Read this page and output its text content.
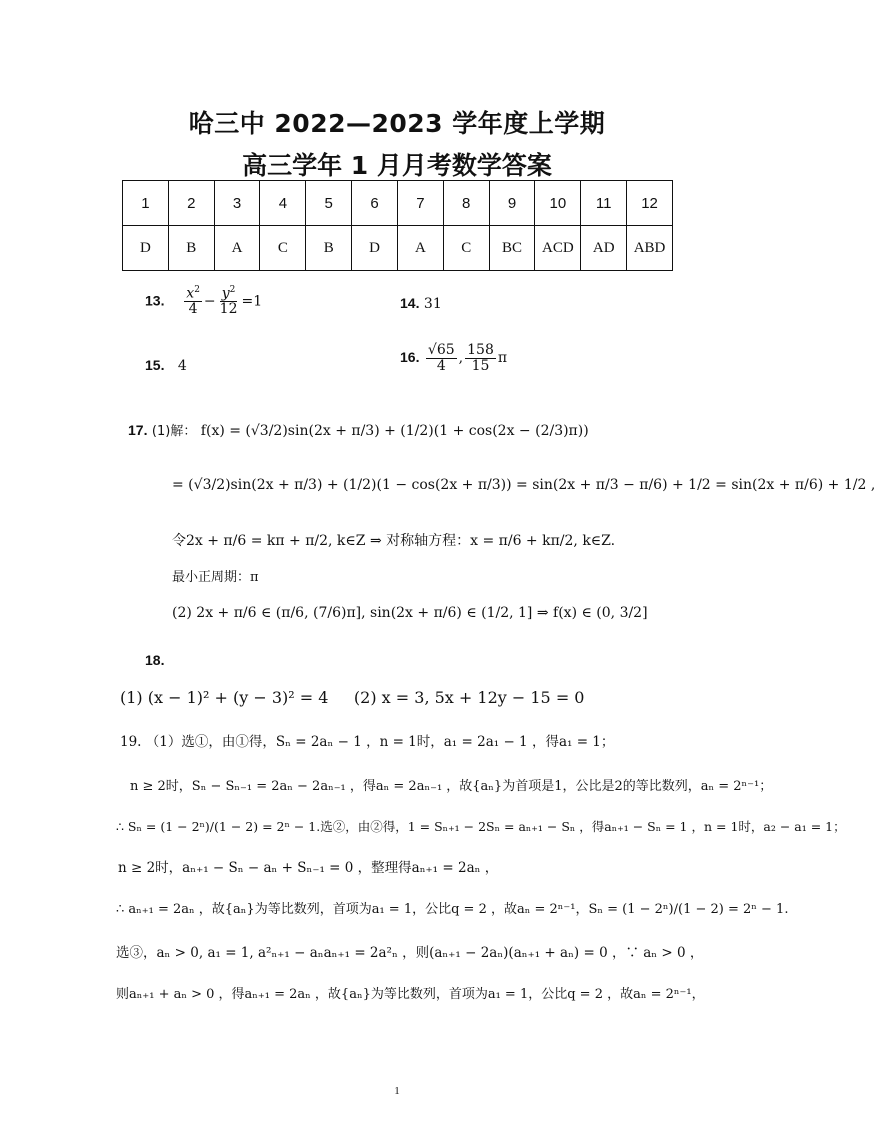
哈三中 2022—2023 学年度上学期
高三学年 1 月月考数学答案
1	2	3	4	5	6	7	8	9	10	11	12
D	B	A	C	B	D	A	C	BC	ACD	AD	ABD
13. $\frac{x^2}{4} - \frac{y^2}{12} =1$	14. 31
15. 4
16. $\frac{√65}{4}$ , $\frac{158}{15}$ π
17. (1)解： f(x) = (√3/2)sin(2x + π/3) + (1/2)(1 + cos(2x − (2/3)π))
= (√3/2)sin(2x + π/3) + (1/2)(1 − cos(2x + π/3)) = sin(2x + π/3 − π/6) + 1/2 = sin(2x + π/6) + 1/2 ,
令2x + π/6 = kπ + π/2, k∈Z ⇒ 对称轴方程：x = π/6 + kπ/2, k∈Z.
最小正周期：π
(2) 2x + π/6 ∈ (π/6, (7/6)π], sin(2x + π/6) ∈ (1/2, 1] ⇒ f(x) ∈ (0, 3/2]
18.
(1) (x − 1)² + (y − 3)² = 4 (2) x = 3, 5x + 12y − 15 = 0
19. （1）选①，由①得，Sₙ = 2aₙ − 1 ，n = 1时，a₁ = 2a₁ − 1 ，得a₁ = 1；
n ≥ 2时，Sₙ − Sₙ₋₁ = 2aₙ − 2aₙ₋₁ ，得aₙ = 2aₙ₋₁ ，故{aₙ}为首项是1，公比是2的等比数列，aₙ = 2ⁿ⁻¹；
∴ Sₙ = (1 − 2ⁿ)/(1 − 2) = 2ⁿ − 1.选②，由②得，1 = Sₙ₊₁ − 2Sₙ = aₙ₊₁ − Sₙ ，得aₙ₊₁ − Sₙ = 1 ，n = 1时，a₂ − a₁ = 1；
n ≥ 2时，aₙ₊₁ − Sₙ − aₙ + Sₙ₋₁ = 0 ，整理得aₙ₊₁ = 2aₙ ，
∴ aₙ₊₁ = 2aₙ ，故{aₙ}为等比数列，首项为a₁ = 1，公比q = 2 ，故aₙ = 2ⁿ⁻¹，Sₙ = (1 − 2ⁿ)/(1 − 2) = 2ⁿ − 1.
选③，aₙ > 0, a₁ = 1, a²ₙ₊₁ − aₙaₙ₊₁ = 2a²ₙ ，则(aₙ₊₁ − 2aₙ)(aₙ₊₁ + aₙ) = 0 ，∵ aₙ > 0 ，
则aₙ₊₁ + aₙ > 0 ，得aₙ₊₁ = 2aₙ ，故{aₙ}为等比数列，首项为a₁ = 1，公比q = 2 ，故aₙ = 2ⁿ⁻¹，
1
